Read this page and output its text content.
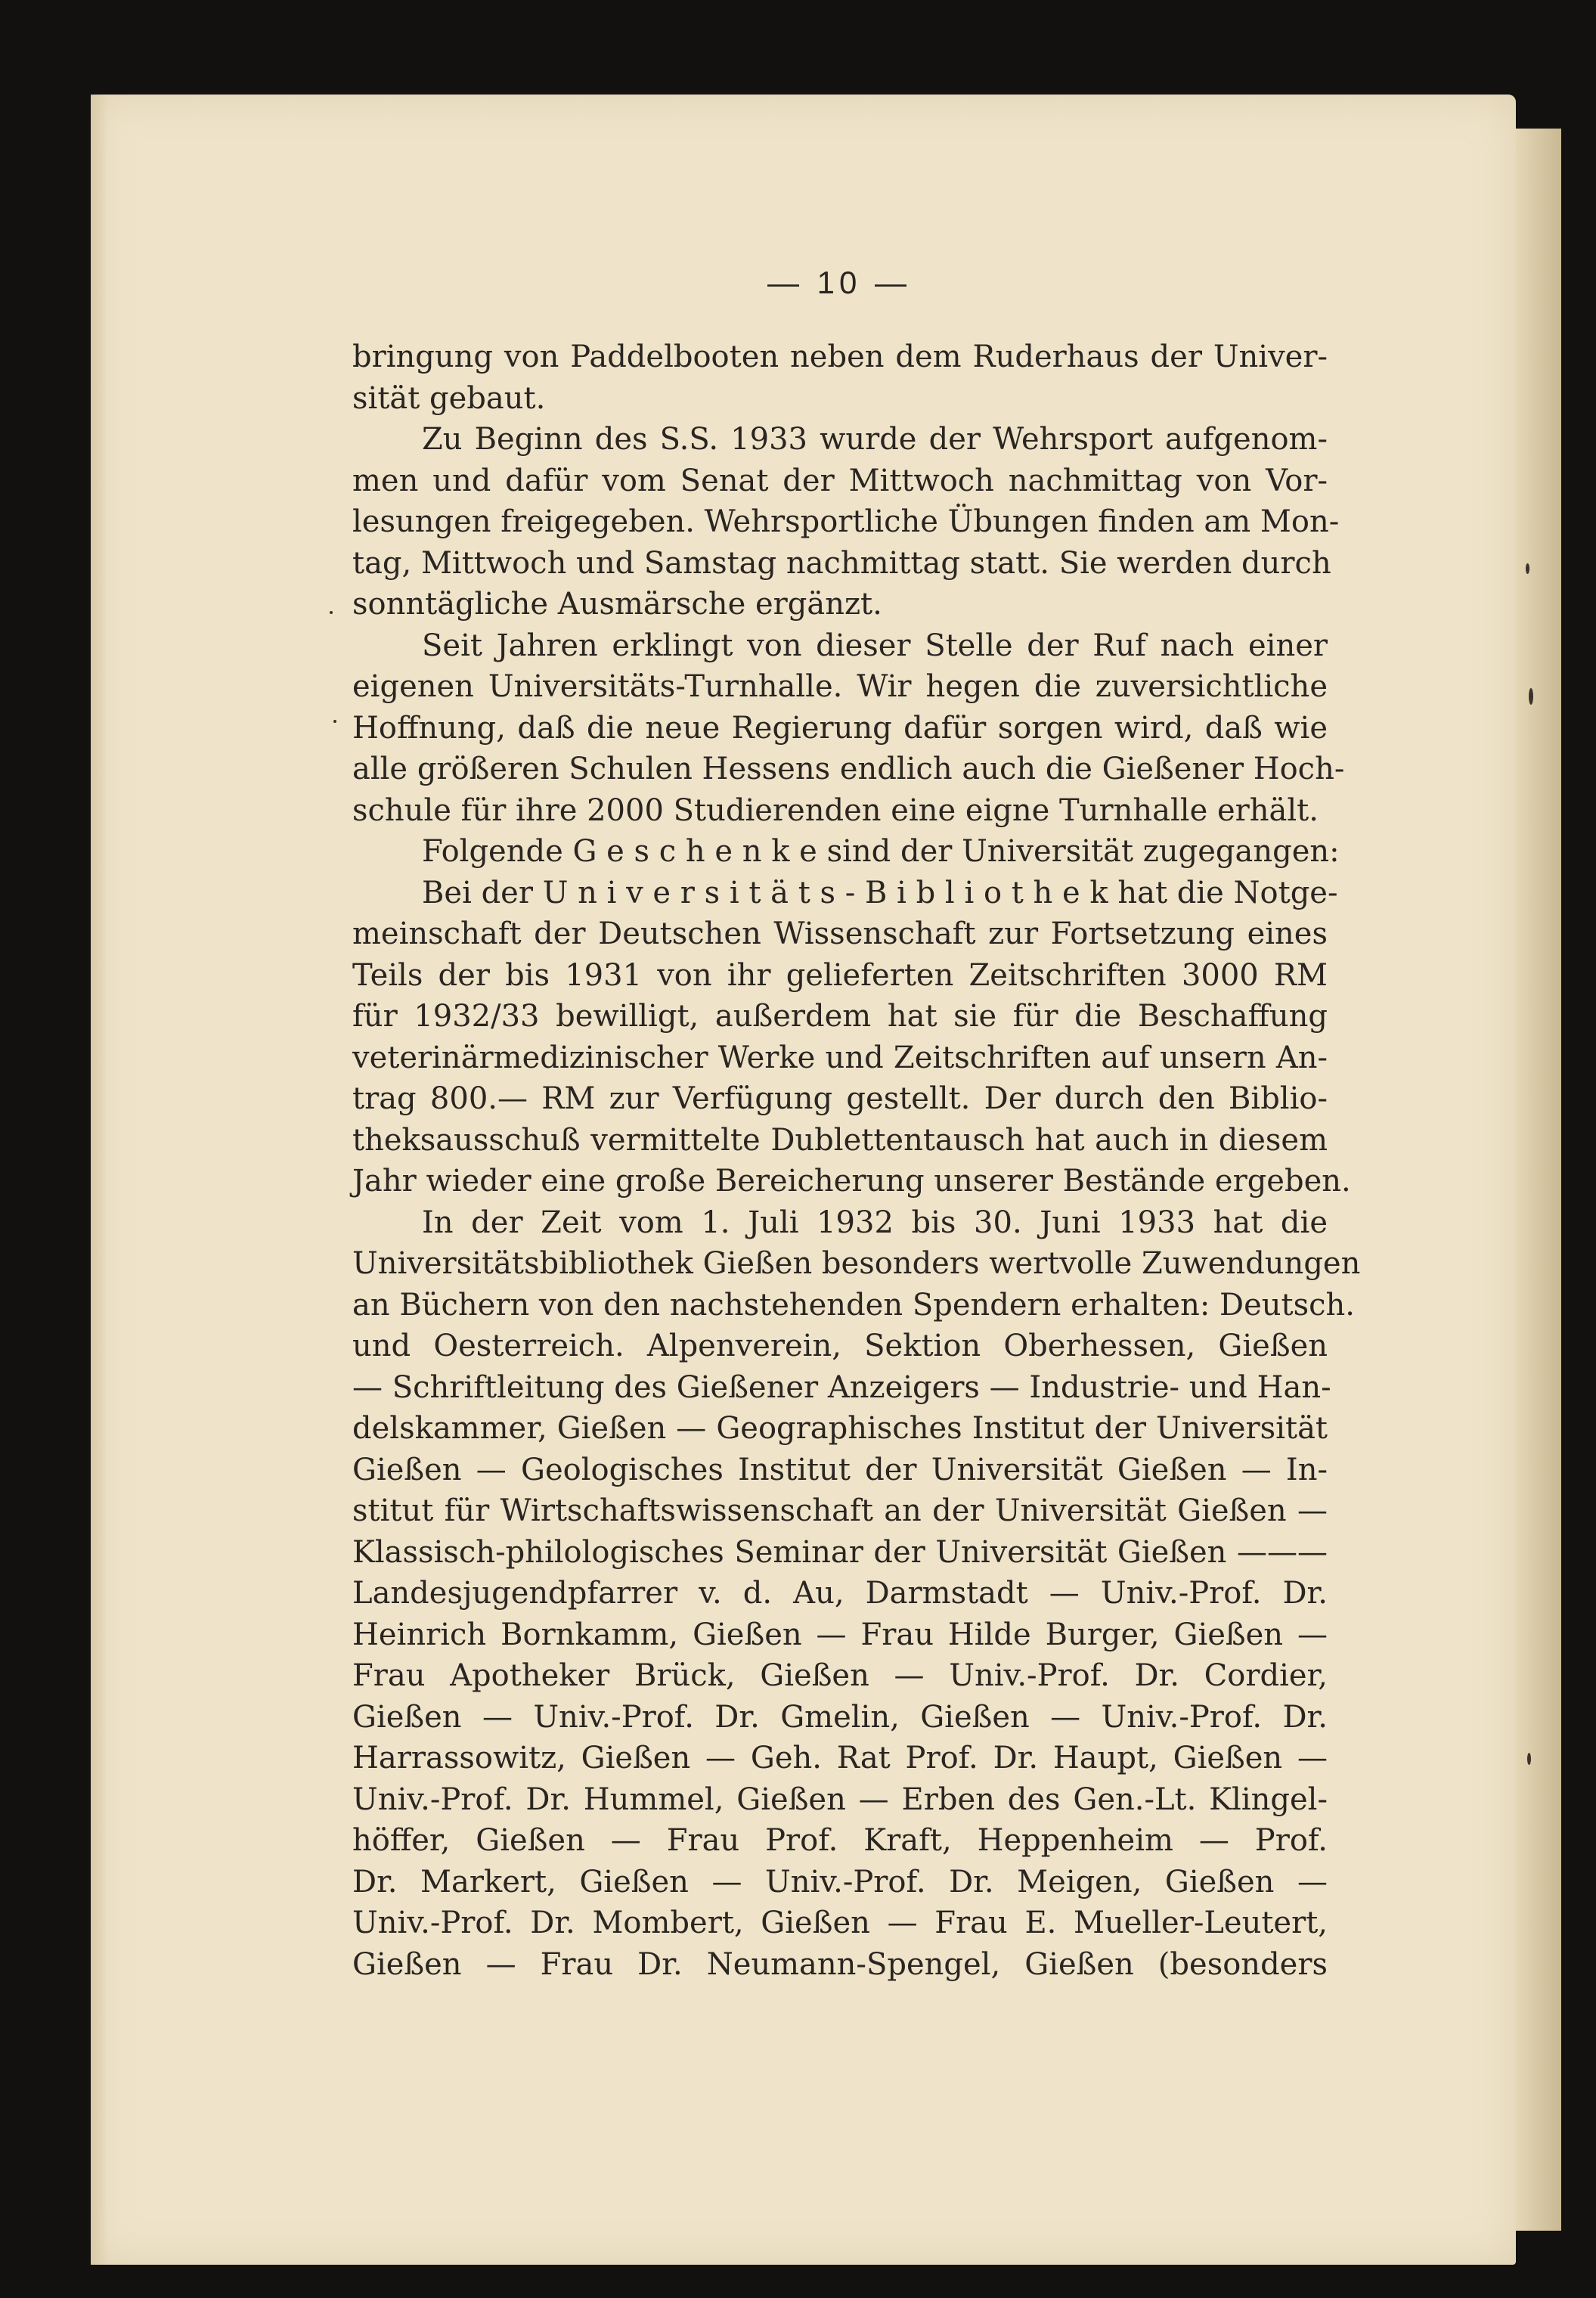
— 10 —
bringung von Paddelbooten neben dem Ruderhaus der Univer-
sität gebaut.
Zu Beginn des S.S. 1933 wurde der Wehrsport aufgenom-
men und dafür vom Senat der Mittwoch nachmittag von Vor-
lesungen freigegeben. Wehrsportliche Übungen finden am Mon-
tag, Mittwoch und Samstag nachmittag statt. Sie werden durch
sonntägliche Ausmärsche ergänzt.
Seit Jahren erklingt von dieser Stelle der Ruf nach einer
eigenen Universitäts-Turnhalle. Wir hegen die zuversichtliche
Hoffnung, daß die neue Regierung dafür sorgen wird, daß wie
alle größeren Schulen Hessens endlich auch die Gießener Hoch-
schule für ihre 2000 Studierenden eine eigne Turnhalle erhält.
Folgende G e s c h e n k e sind der Universität zugegangen:
Bei der U n i v e r s i t ä t s - B i b l i o t h e k hat die Notge-
meinschaft der Deutschen Wissenschaft zur Fortsetzung eines
Teils der bis 1931 von ihr gelieferten Zeitschriften 3000 RM
für 1932/33 bewilligt, außerdem hat sie für die Beschaffung
veterinärmedizinischer Werke und Zeitschriften auf unsern An-
trag 800.— RM zur Verfügung gestellt. Der durch den Biblio-
theksausschuß vermittelte Dublettentausch hat auch in diesem
Jahr wieder eine große Bereicherung unserer Bestände ergeben.
In der Zeit vom 1. Juli 1932 bis 30. Juni 1933 hat die
Universitätsbibliothek Gießen besonders wertvolle Zuwendungen
an Büchern von den nachstehenden Spendern erhalten: Deutsch.
und Oesterreich. Alpenverein, Sektion Oberhessen, Gießen
— Schriftleitung des Gießener Anzeigers — Industrie- und Han-
delskammer, Gießen — Geographisches Institut der Universität
Gießen — Geologisches Institut der Universität Gießen — In-
stitut für Wirtschaftswissenschaft an der Universität Gießen —
Klassisch-philologisches Seminar der Universität Gießen ———
Landesjugendpfarrer v. d. Au, Darmstadt — Univ.-Prof. Dr.
Heinrich Bornkamm, Gießen — Frau Hilde Burger, Gießen —
Frau Apotheker Brück, Gießen — Univ.-Prof. Dr. Cordier,
Gießen — Univ.-Prof. Dr. Gmelin, Gießen — Univ.-Prof. Dr.
Harrassowitz, Gießen — Geh. Rat Prof. Dr. Haupt, Gießen —
Univ.-Prof. Dr. Hummel, Gießen — Erben des Gen.-Lt. Klingel-
höffer, Gießen — Frau Prof. Kraft, Heppenheim — Prof.
Dr. Markert, Gießen — Univ.-Prof. Dr. Meigen, Gießen —
Univ.-Prof. Dr. Mombert, Gießen — Frau E. Mueller-Leutert,
Gießen — Frau Dr. Neumann-Spengel, Gießen (besonders
